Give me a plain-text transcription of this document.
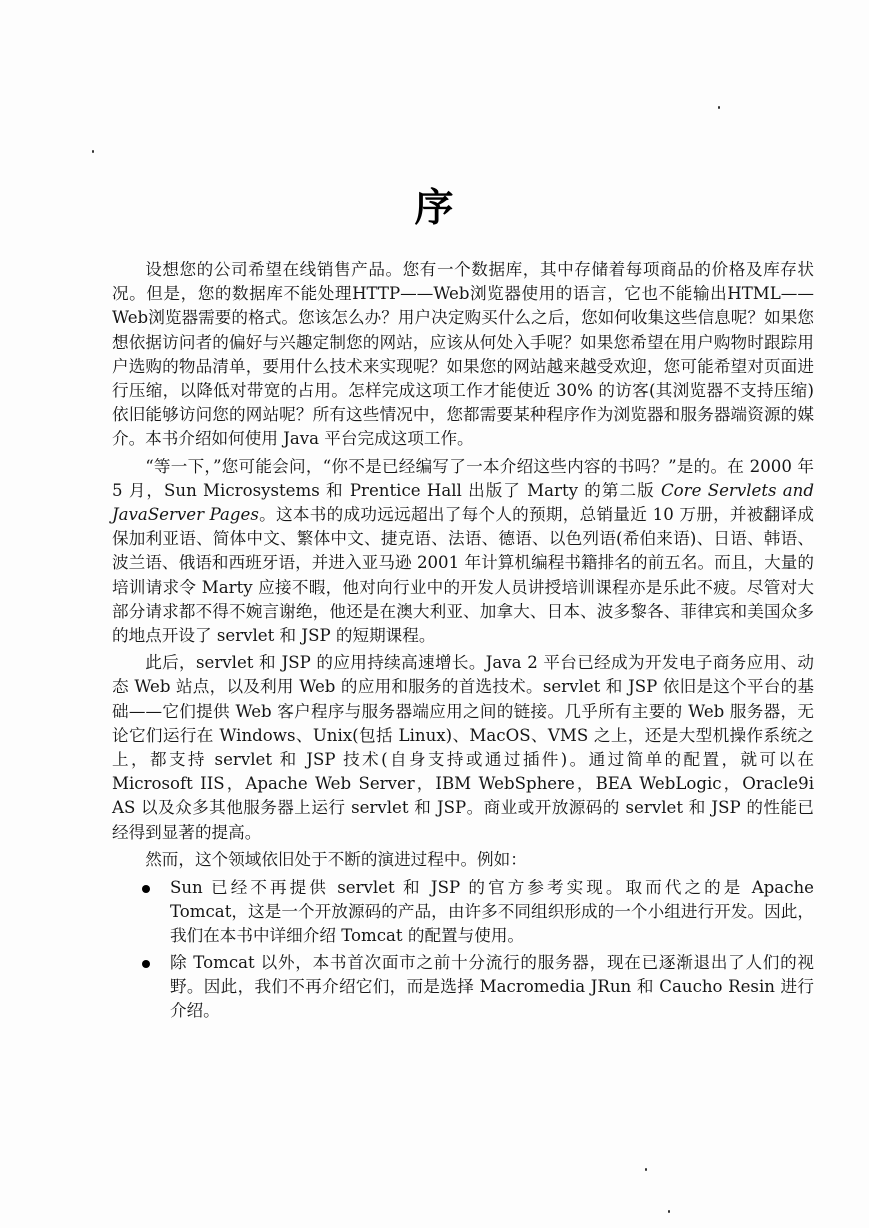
序

设想您的公司希望在线销售产品。您有一个数据库，其中存储着每项商品的价格及库存状况。但是，您的数据库不能处理HTTP——Web浏览器使用的语言，它也不能输出HTML——Web浏览器需要的格式。您该怎么办？用户决定购买什么之后，您如何收集这些信息呢？如果您想依据访问者的偏好与兴趣定制您的网站，应该从何处入手呢？如果您希望在用户购物时跟踪用户选购的物品清单，要用什么技术来实现呢？如果您的网站越来越受欢迎，您可能希望对页面进行压缩，以降低对带宽的占用。怎样完成这项工作才能使近 30% 的访客(其浏览器不支持压缩)依旧能够访问您的网站呢？所有这些情况中，您都需要某种程序作为浏览器和服务器端资源的媒介。本书介绍如何使用 Java 平台完成这项工作。

“等一下，”您可能会问，“你不是已经编写了一本介绍这些内容的书吗？”是的。在 2000 年 5 月，Sun Microsystems 和 Prentice Hall 出版了 Marty 的第二版 Core Servlets and JavaServer Pages。这本书的成功远远超出了每个人的预期，总销量近 10 万册，并被翻译成保加利亚语、简体中文、繁体中文、捷克语、法语、德语、以色列语(希伯来语)、日语、韩语、波兰语、俄语和西班牙语，并进入亚马逊 2001 年计算机编程书籍排名的前五名。而且，大量的培训请求令 Marty 应接不暇，他对向行业中的开发人员讲授培训课程亦是乐此不疲。尽管对大部分请求都不得不婉言谢绝，他还是在澳大利亚、加拿大、日本、波多黎各、菲律宾和美国众多的地点开设了 servlet 和 JSP 的短期课程。

此后，servlet 和 JSP 的应用持续高速增长。Java 2 平台已经成为开发电子商务应用、动态 Web 站点，以及利用 Web 的应用和服务的首选技术。servlet 和 JSP 依旧是这个平台的基础——它们提供 Web 客户程序与服务器端应用之间的链接。几乎所有主要的 Web 服务器，无论它们运行在 Windows、Unix(包括 Linux)、MacOS、VMS 之上，还是大型机操作系统之上，都支持 servlet 和 JSP 技术(自身支持或通过插件)。通过简单的配置，就可以在 Microsoft IIS，Apache Web Server，IBM WebSphere，BEA WebLogic，Oracle9i AS 以及众多其他服务器上运行 servlet 和 JSP。商业或开放源码的 servlet 和 JSP 的性能已经得到显著的提高。

然而，这个领域依旧处于不断的演进过程中。例如：

Sun 已经不再提供 servlet 和 JSP 的官方参考实现。取而代之的是 Apache Tomcat，这是一个开放源码的产品，由许多不同组织形成的一个小组进行开发。因此，我们在本书中详细介绍 Tomcat 的配置与使用。
除 Tomcat 以外，本书首次面市之前十分流行的服务器，现在已逐渐退出了人们的视野。因此，我们不再介绍它们，而是选择 Macromedia JRun 和 Caucho Resin 进行介绍。
